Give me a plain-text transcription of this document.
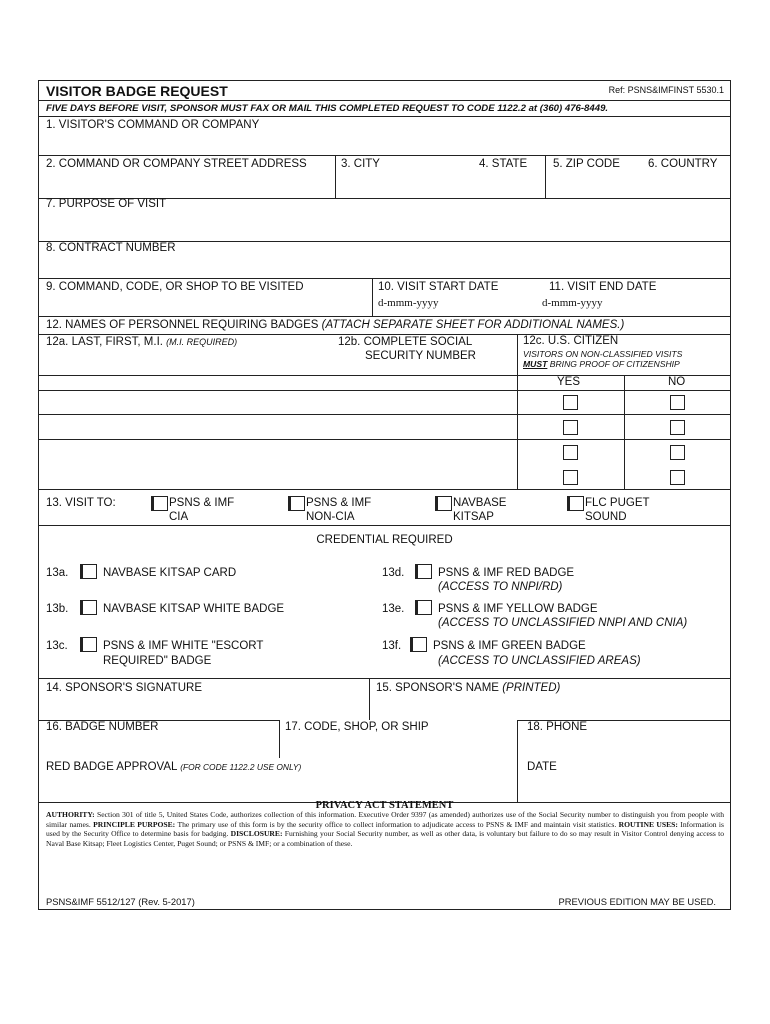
VISITOR BADGE REQUEST	Ref: PSNS&IMFINST 5530.1
FIVE DAYS BEFORE VISIT, SPONSOR MUST FAX OR MAIL THIS COMPLETED REQUEST TO CODE 1122.2 at (360) 476-8449.
1. VISITOR'S COMMAND OR COMPANY
2. COMMAND OR COMPANY STREET ADDRESS	3. CITY	4. STATE 5. ZIP CODE 6. COUNTRY
7. PURPOSE OF VISIT
8. CONTRACT NUMBER
9. COMMAND, CODE, OR SHOP TO BE VISITED	10. VISIT START DATE
d-mmm-yyyy
11. VISIT END DATE
d-mmm-yyyy
12. NAMES OF PERSONNEL REQUIRING BADGES (ATTACH SEPARATE SHEET FOR ADDITIONAL NAMES.)
12a. LAST, FIRST, M.I. (M.I. REQUIRED)	12b. COMPLETE SOCIAL
SECURITY NUMBER
12c. U.S. CITIZEN
VISITORS ON NON-CLASSIFIED VISITS
MUST BRING PROOF OF CITIZENSHIP
YES	NO
13. VISIT TO:	PSNS & IMF
CIA
PSNS & IMF
NON-CIA
NAVBASE
KITSAP
FLC PUGET
SOUND
CREDENTIAL REQUIRED
13a.	NAVBASE KITSAP CARD
13b.	NAVBASE KITSAP WHITE BADGE
13c.	PSNS & IMF WHITE "ESCORT
REQUIRED" BADGE
13d.	PSNS & IMF RED BADGE
(ACCESS TO NNPI/RD)
13e.	PSNS & IMF YELLOW BADGE
(ACCESS TO UNCLASSIFIED NNPI AND CNIA)
13f.	PSNS & IMF GREEN BADGE
(ACCESS TO UNCLASSIFIED AREAS)
14. SPONSOR'S SIGNATURE	15. SPONSOR'S NAME (PRINTED)
16. BADGE NUMBER	17. CODE, SHOP, OR SHIP	18. PHONE
RED BADGE APPROVAL (FOR CODE 1122.2 USE ONLY)	DATE
PRIVACY ACT STATEMENT
AUTHORITY: Section 301 of title 5, United States Code, authorizes collection of this information. Executive Order 9397 (as amended) authorizes use of the Social Security number to distinguish you from people with similar names. PRINCIPLE PURPOSE: The primary use of this form is by the security office to collect information to adjudicate access to PSNS & IMF and maintain visit statistics. ROUTINE USES: Information is used by the Security Office to determine basis for badging. DISCLOSURE: Furnishing your Social Security number, as well as other data, is voluntary but failure to do so may result in Visitor Control denying access to Naval Base Kitsap; Fleet Logistics Center, Puget Sound; or PSNS & IMF; or a combination of these.
PSNS&IMF 5512/127 (Rev. 5-2017)	PREVIOUS EDITION MAY BE USED.
